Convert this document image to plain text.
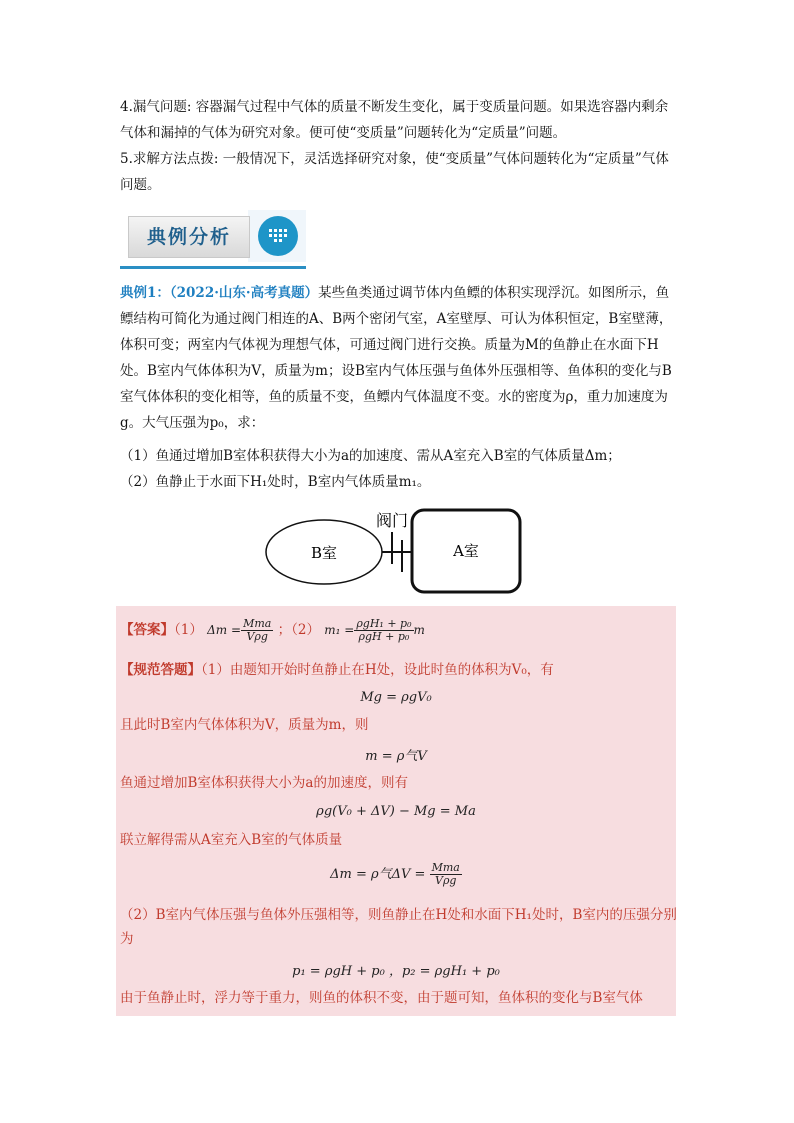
4.漏气问题: 容器漏气过程中气体的质量不断发生变化，属于变质量问题。如果选容器内剩余气体和漏掉的气体为研究对象。便可使“变质量”问题转化为“定质量”问题。
5.求解方法点拨: 一般情况下，灵活选择研究对象，使“变质量”气体问题转化为“定质量”气体问题。
典例分析
典例1：（2022·山东·高考真题）某些鱼类通过调节体内鱼鳔的体积实现浮沉。如图所示，鱼鳔结构可简化为通过阀门相连的A、B两个密闭气室，A室壁厚、可认为体积恒定，B室壁薄，体积可变；两室内气体视为理想气体，可通过阀门进行交换。质量为M的鱼静止在水面下H处。B室内气体体积为V，质量为m；设B室内气体压强与鱼体外压强相等、鱼体积的变化与B室气体体积的变化相等，鱼的质量不变，鱼鳔内气体温度不变。水的密度为ρ，重力加速度为g。大气压强为p₀，求：
（1）鱼通过增加B室体积获得大小为a的加速度、需从A室充入B室的气体质量Δm；
（2）鱼静止于水面下H₁处时，B室内气体质量m₁。
阀门
B室	A室
【答案】（1） $\Delta m = \frac{\text{Mma}}{\text{Vρg}}$ ；（2） $m_1 = \frac{\text{ρgH₁ + p₀}}{\text{ρgH + p₀}}$ m
【规范答题】（1）由题知开始时鱼静止在H处，设此时鱼的体积为V₀，有
Mg = ρgV₀
且此时B室内气体体积为V，质量为m，则
m = ρ气V
鱼通过增加B室体积获得大小为a的加速度，则有
ρg(V₀ + ΔV) − Mg = Ma
联立解得需从A室充入B室的气体质量
Δm = ρ气$\Delta V = \frac{\text{Mma}}{\text{Vρg}}$
（2）B室内气体压强与鱼体外压强相等，则鱼静止在H处和水面下H₁处时，B室内的压强分别为
p₁ = ρgH + p₀ ，p₂ = ρgH₁ + p₀
由于鱼静止时，浮力等于重力，则鱼的体积不变，由于题可知，鱼体积的变化与B室气体
